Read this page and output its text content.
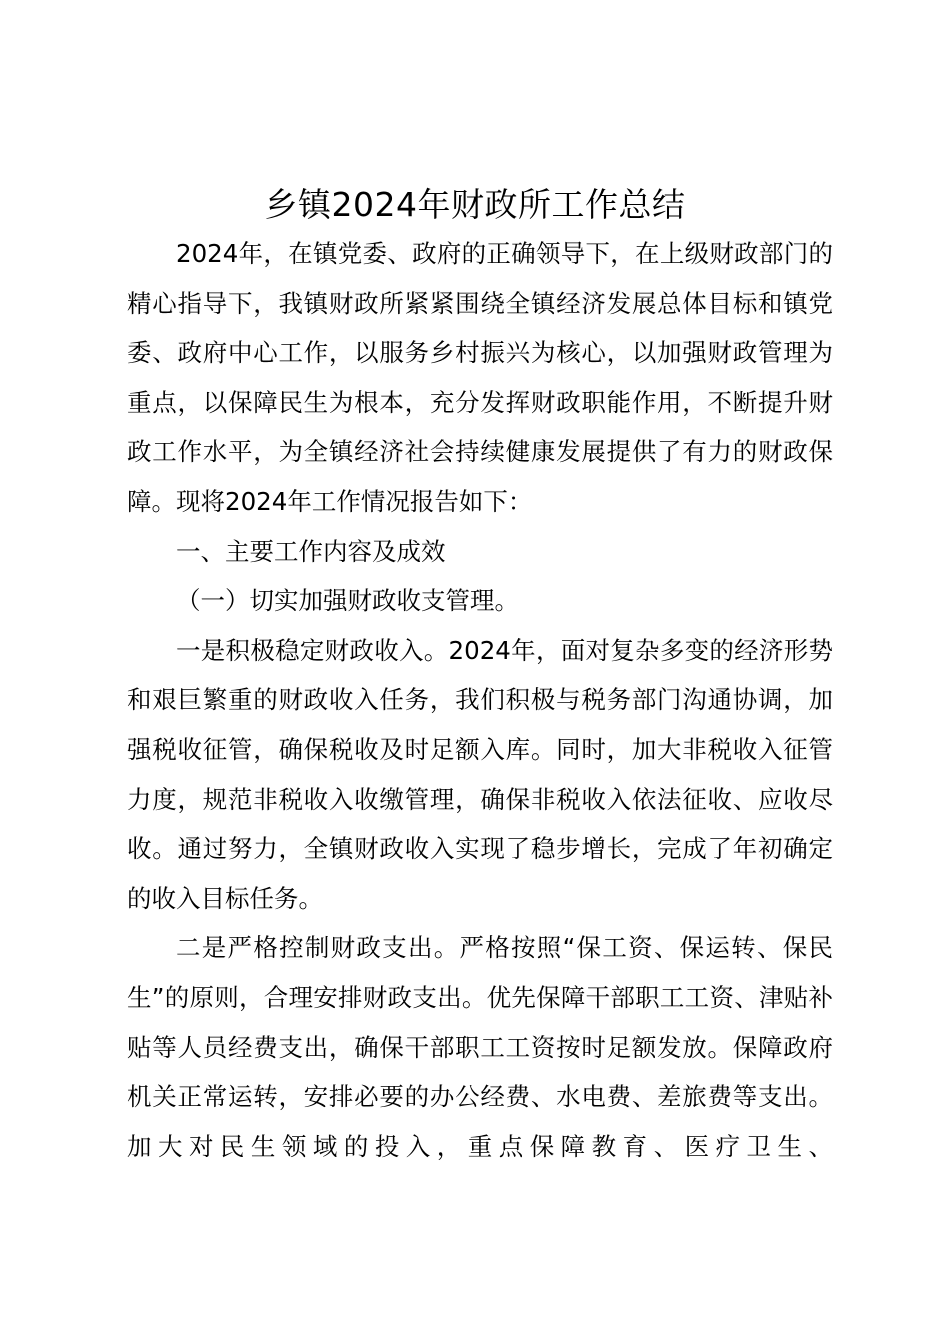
乡镇2024年财政所工作总结

2024年，在镇党委、政府的正确领导下，在上级财政部门的精心指导下，我镇财政所紧紧围绕全镇经济发展总体目标和镇党委、政府中心工作，以服务乡村振兴为核心，以加强财政管理为重点，以保障民生为根本，充分发挥财政职能作用，不断提升财政工作水平，为全镇经济社会持续健康发展提供了有力的财政保障。现将2024年工作情况报告如下：

一、主要工作内容及成效

（一）切实加强财政收支管理。

一是积极稳定财政收入。2024年，面对复杂多变的经济形势和艰巨繁重的财政收入任务，我们积极与税务部门沟通协调，加强税收征管，确保税收及时足额入库。同时，加大非税收入征管力度，规范非税收入收缴管理，确保非税收入依法征收、应收尽收。通过努力，全镇财政收入实现了稳步增长，完成了年初确定的收入目标任务。

二是严格控制财政支出。严格按照“保工资、保运转、保民生”的原则，合理安排财政支出。优先保障干部职工工资、津贴补贴等人员经费支出，确保干部职工工资按时足额发放。保障政府机关正常运转，安排必要的办公经费、水电费、差旅费等支出。加大对民生领域的投入，重点保障教育、医疗卫生、
